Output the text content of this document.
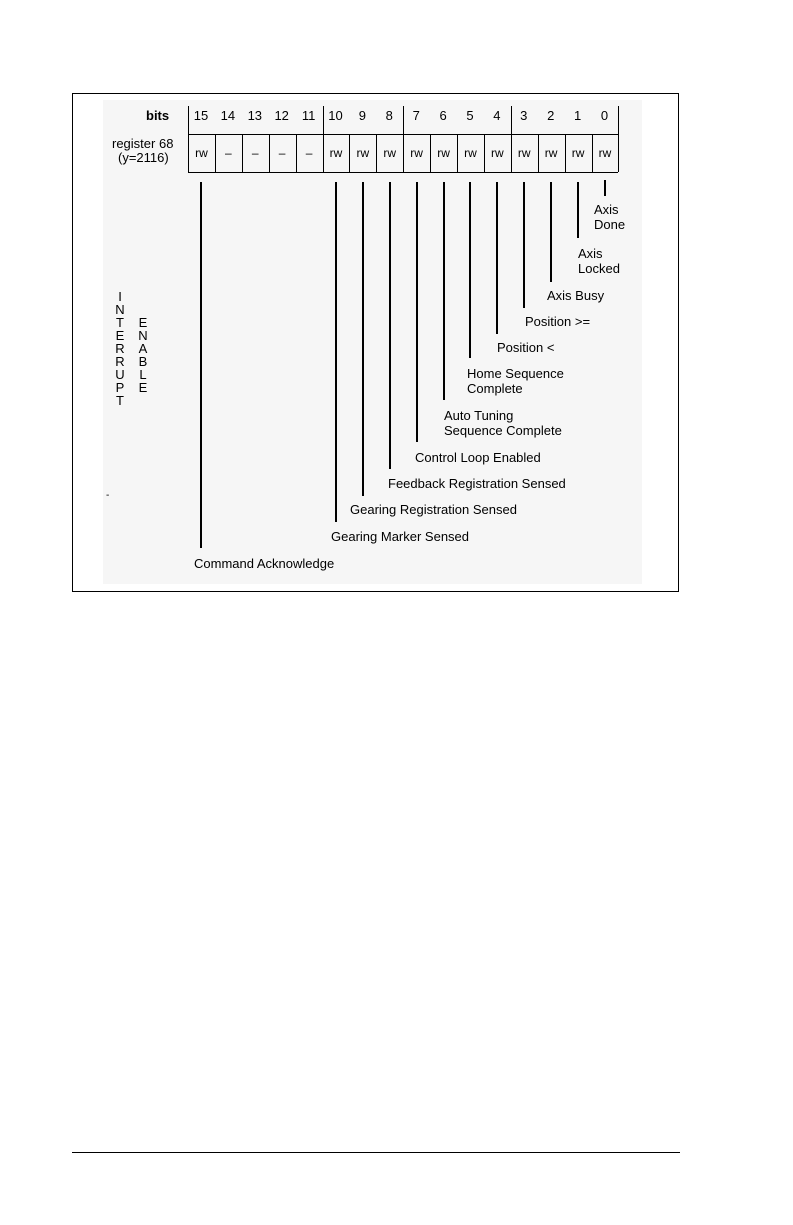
bits
register 68
(y=2116)
15 14 13 12 11 10	9	8	7	6	5	4	3	2	1	0
rw	–	–	–	–	rw	rw	rw	rw	rw	rw	rw	rw	rw	rw	rw
I
N
T
E
R
R
U
P
T
E
N
A
B
L
E
-
Axis
Done
Axis
Locked
Axis Busy
Position >=
Position <
Home Sequence
Complete
Auto Tuning
Sequence Complete
Control Loop Enabled
Feedback Registration Sensed
Gearing Registration Sensed
Gearing Marker Sensed
Command Acknowledge
